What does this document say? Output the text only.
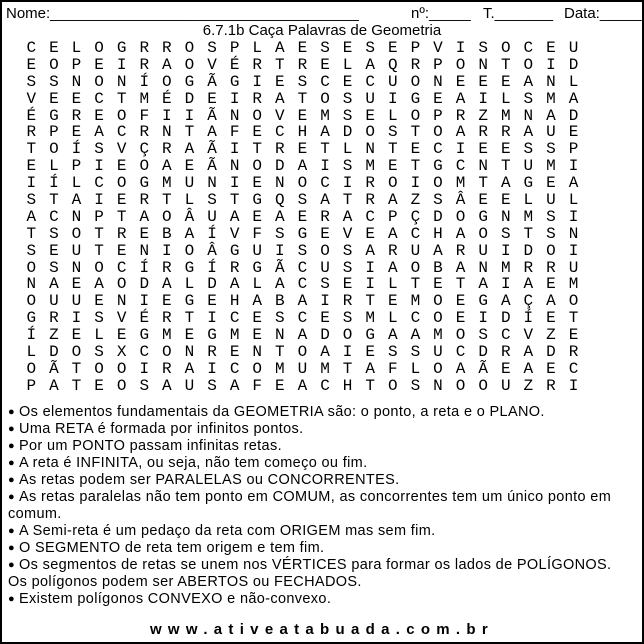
Nome:_____________________________________	nº:_____ T._______ Data:_____
6.7.1b Caça Palavras de Geometria
C E L O G R R O S P L A E S E S E P V I S O C E U
E O P E I R A O V É R T R E L A Q R P O N T O I D
S S N O N Í O G Ã G I E S C E C U O N E E E A N L
V E E C T M É D E I R A T O S U I G E A I L S M A
É G R E O F I I Ã N O V E M S E L O P R Z M N A D
R P E A C R N T A F E C H A D O S T O A R R A U E
T O Í S V Ç R A Ã I T R E T L N T E C I E E S S P
E L P I E O A E Ã N O D A I S M E T G C N T U M I
I Í L C O G M U N I E N O C I R O I O M T A G E A
S T A I E R T L S T G Q S A T R A Z S Â E E L U L
A C N P T A O Â U A E A E R A C P Ç D O G N M S I
T S O T R E B A Í V F S G E V E A C H A O S T S N
S E U T E N I O Â G U I S O S A R U A R U I D O I
O S N O C Í R G Í R G Ã C U S I A O B A N M R R U
N A E A O D A L D A L A C S E I L T E T A I A E M
O U U E N I E G E H A B A I R T E M O E G A Ç A O
G R I S V É R T I C E S C E S M L C O E I D Í E T
Í Z E L E G M E G M E N A D O G A A M O S C V Z E
L D O S X C O N R E N T O A I E S S U C D R A D R
O Ã T O O I R A I C O M U M T A F L O A Ã E A E C
P A T E O S A U S A F E A C H T O S N O O U Z R I
● Os elementos fundamentais da GEOMETRIA são: o ponto, a reta e o PLANO.
● Uma RETA é formada por infinitos pontos.
● Por um PONTO passam infinitas retas.
● A reta é INFINITA, ou seja, não tem começo ou fim.
● As retas podem ser PARALELAS ou CONCORRENTES.
● As retas paralelas não tem ponto em COMUM, as concorrentes tem um único ponto em comum.
● A Semi-reta é um pedaço da reta com ORIGEM mas sem fim.
● O SEGMENTO de reta tem origem e tem fim.
● Os segmentos de retas se unem nos VÉRTICES para formar os lados de POLÍGONOS. Os polígonos podem ser ABERTOS ou FECHADOS.
● Existem polígonos CONVEXO e não-convexo.
www.ativeatabuada.com.br
